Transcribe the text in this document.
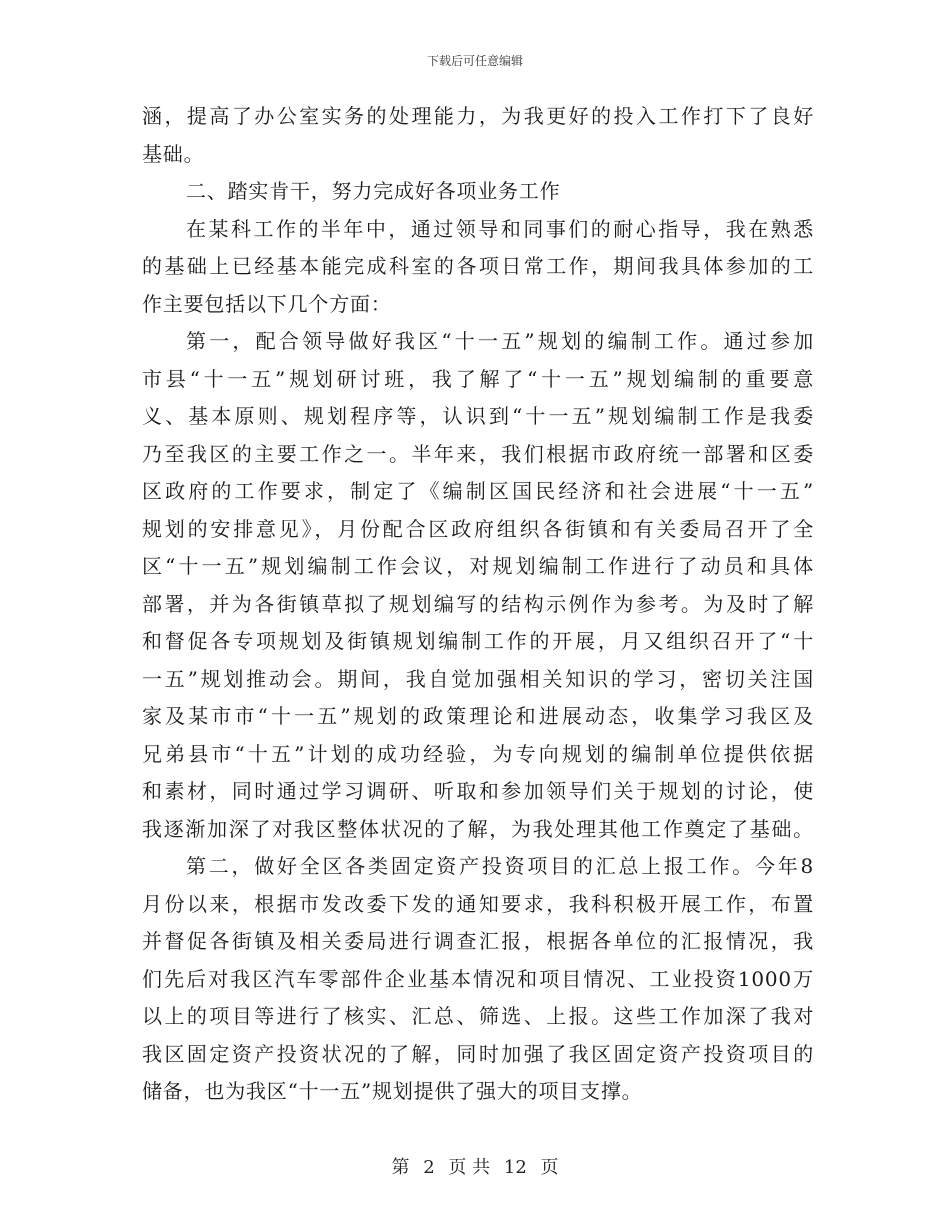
下载后可任意编辑
涵，提高了办公室实务的处理能力，为我更好的投入工作打下了良好
基础。
二、踏实肯干，努力完成好各项业务工作
在某科工作的半年中，通过领导和同事们的耐心指导，我在熟悉
的基础上已经基本能完成科室的各项日常工作，期间我具体参加的工
作主要包括以下几个方面：
第一，配合领导做好我区“十一五”规划的编制工作。通过参加
市县“十一五”规划研讨班，我了解了“十一五”规划编制的重要意
义、基本原则、规划程序等，认识到“十一五”规划编制工作是我委
乃至我区的主要工作之一。半年来，我们根据市政府统一部署和区委
区政府的工作要求，制定了《编制区国民经济和社会进展“十一五”
规划的安排意见》，月份配合区政府组织各街镇和有关委局召开了全
区“十一五”规划编制工作会议，对规划编制工作进行了动员和具体
部署，并为各街镇草拟了规划编写的结构示例作为参考。为及时了解
和督促各专项规划及街镇规划编制工作的开展，月又组织召开了“十
一五”规划推动会。期间，我自觉加强相关知识的学习，密切关注国
家及某市市“十一五”规划的政策理论和进展动态，收集学习我区及
兄弟县市“十五”计划的成功经验，为专向规划的编制单位提供依据
和素材，同时通过学习调研、听取和参加领导们关于规划的讨论，使
我逐渐加深了对我区整体状况的了解，为我处理其他工作奠定了基础。
第二，做好全区各类固定资产投资项目的汇总上报工作。今年8
月份以来，根据市发改委下发的通知要求，我科积极开展工作，布置
并督促各街镇及相关委局进行调查汇报，根据各单位的汇报情况，我
们先后对我区汽车零部件企业基本情况和项目情况、工业投资1000万
以上的项目等进行了核实、汇总、筛选、上报。这些工作加深了我对
我区固定资产投资状况的了解，同时加强了我区固定资产投资项目的
储备，也为我区“十一五”规划提供了强大的项目支撑。
第 2 页 共 12 页
